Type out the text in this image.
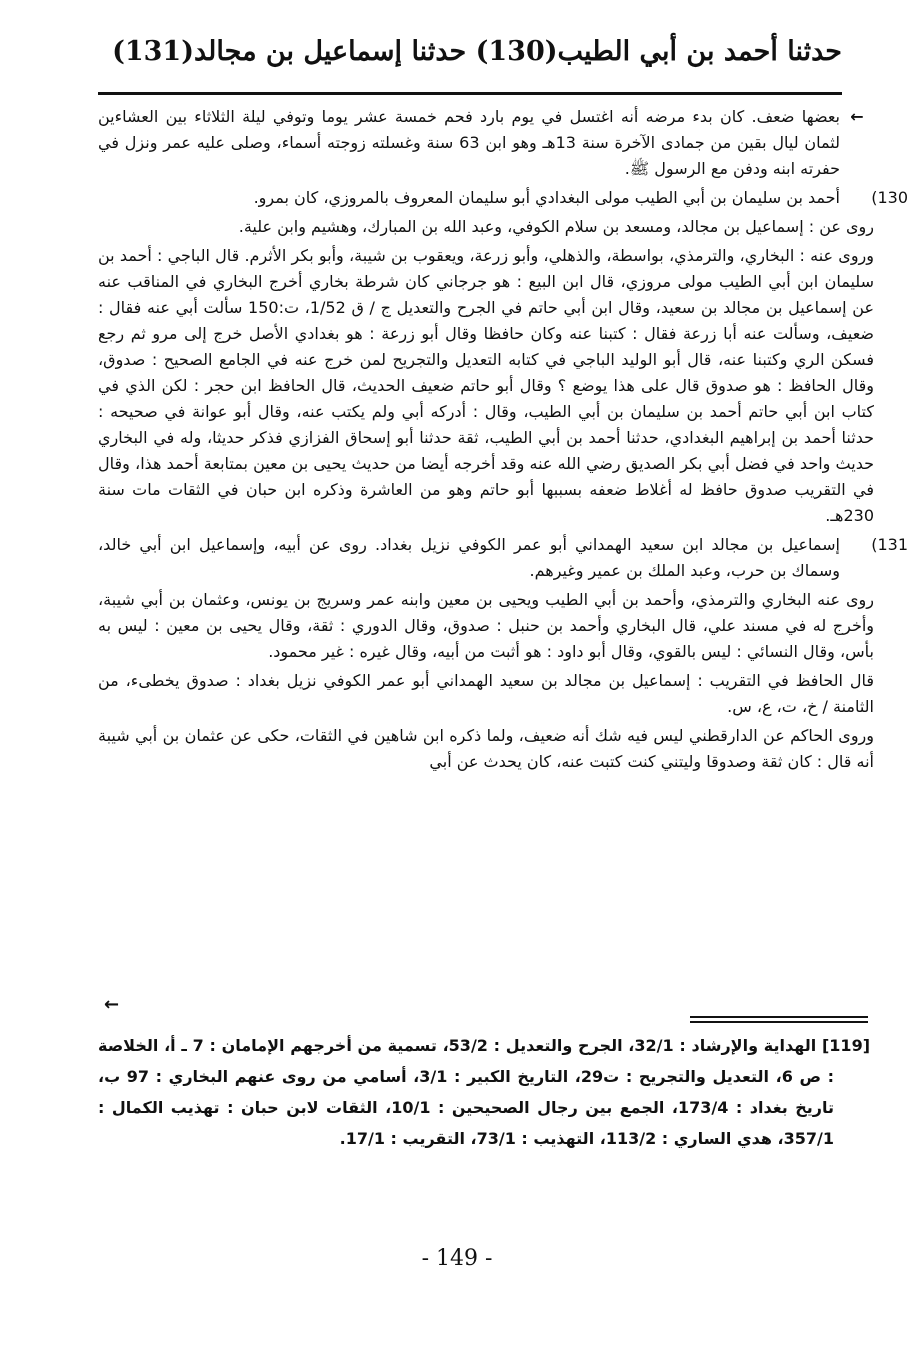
حدثنا أحمد بن أبي الطيب(130) حدثنا إسماعيل بن مجالد(131)

←بعضها ضعف. كان بدء مرضه أنه اغتسل في يوم بارد فحم خمسة عشر يوما وتوفي ليلة الثلاثاء بين العشاءين لثمان ليال بقين من جمادى الآخرة سنة 13هـ وهو ابن 63 سنة وغسلته زوجته أسماء، وصلى عليه عمر ونزل في حفرته ابنه ودفن مع الرسول ﷺ.

130)أحمد بن سليمان بن أبي الطيب مولى البغدادي أبو سليمان المعروف بالمروزي، كان بمرو.

روى عن : إسماعيل بن مجالد، ومسعد بن سلام الكوفي، وعبد الله بن المبارك، وهشيم وابن علية.

وروى عنه : البخاري، والترمذي، بواسطة، والذهلي، وأبو زرعة، ويعقوب بن شيبة، وأبو بكر الأثرم. قال الباجي : أحمد بن سليمان ابن أبي الطيب مولى مروزي، قال ابن البيع : هو جرجاني كان شرطة بخاري أخرج البخاري في المناقب عنه عن إسماعيل بن مجالد بن سعيد، وقال ابن أبي حاتم في الجرح والتعديل ج / ق 1/52، ت:150 سألت أبي عنه فقال : ضعيف، وسألت عنه أبا زرعة فقال : كتبنا عنه وكان حافظا وقال أبو زرعة : هو بغدادي الأصل خرج إلى مرو ثم رجع فسكن الري وكتبنا عنه، قال أبو الوليد الباجي في كتابه التعديل والتجريح لمن خرج عنه في الجامع الصحيح : صدوق، وقال الحافظ : هو صدوق قال على هذا يوضع ؟ وقال أبو حاتم ضعيف الحديث، قال الحافظ ابن حجر : لكن الذي في كتاب ابن أبي حاتم أحمد بن سليمان بن أبي الطيب، وقال : أدركه أبي ولم يكتب عنه، وقال أبو عوانة في صحيحه : حدثنا أحمد بن إبراهيم البغدادي، حدثنا أحمد بن أبي الطيب، ثقة حدثنا أبو إسحاق الفزازي فذكر حديثا، وله في البخاري حديث واحد في فضل أبي بكر الصديق رضي الله عنه وقد أخرجه أيضا من حديث يحيى بن معين بمتابعة أحمد هذا، وقال في التقريب صدوق حافظ له أغلاط ضعفه بسببها أبو حاتم وهو من العاشرة وذكره ابن حبان في الثقات مات سنة 230هـ.

131)إسماعيل بن مجالد ابن سعيد الهمداني أبو عمر الكوفي نزيل بغداد. روى عن أبيه، وإسماعيل ابن أبي خالد، وسماك بن حرب، وعبد الملك بن عمير وغيرهم.

روى عنه البخاري والترمذي، وأحمد بن أبي الطيب ويحيى بن معين وابنه عمر وسريج بن يونس، وعثمان بن أبي شيبة، وأخرج له في مسند علي، قال البخاري وأحمد بن حنبل : صدوق، وقال الدوري : ثقة، وقال يحيى بن معين : ليس به بأس، وقال النسائي : ليس بالقوي، وقال أبو داود : هو أثبت من أبيه، وقال غيره : غير محمود.

قال الحافظ في التقريب : إسماعيل بن مجالد بن سعيد الهمداني أبو عمر الكوفي نزيل بغداد : صدوق يخطىء، من الثامنة / خ، ت، ع، س.

وروى الحاكم عن الدارقطني ليس فيه شك أنه ضعيف، ولما ذكره ابن شاهين في الثقات، حكى عن عثمان بن أبي شيبة أنه قال : كان ثقة وصدوقا وليتني كنت كتبت عنه، كان يحدث عن أبي

←
[119] الهداية والإرشاد : 32/1، الجرح والتعديل : 53/2، تسمية من أخرجهم الإمامان : 7 ـ أ، الخلاصة : ص 6، التعديل والتجريح : ت29، التاريخ الكبير : 3/1، أسامي من روى عنهم البخاري : 97 ب، تاريخ بغداد : 173/4، الجمع بين رجال الصحيحين : 10/1، الثقات لابن حبان : تهذيب الكمال : 357/1، هدي الساري : 113/2، التهذيب : 73/1، التقريب : 17/1.
- 149 -
